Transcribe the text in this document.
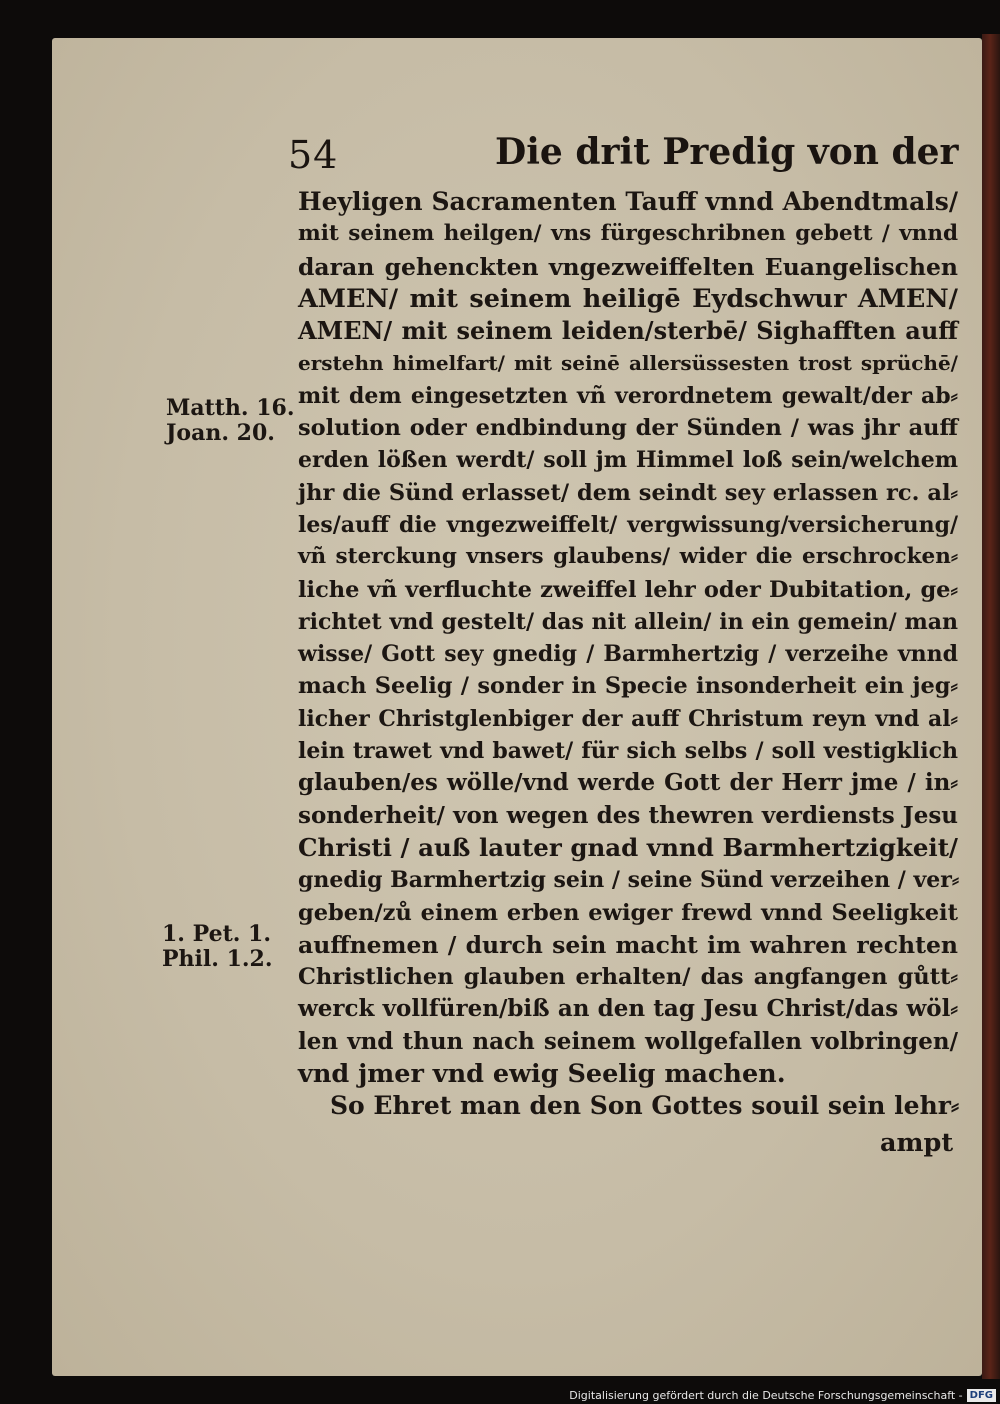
54	Die drit Predig von der
Heyligen Sacramenten Tauff vnnd Abendtmals/
mit seinem heilgen/ vns fürgeschribnen gebett / vnnd
daran gehenckten vngezweiffelten Euangelischen
AMEN/ mit seinem heiligē Eydschwur AMEN/
AMEN/ mit seinem leiden/sterbē/ Sighafften auff
erstehn himelfart/ mit seinē allersüssesten trost sprüchē/
mit dem eingesetzten vñ verordnetem gewalt/der ab⸗
solution oder endbindung der Sünden / was jhr auff
erden lößen werdt/ soll jm Himmel loß sein/welchem
jhr die Sünd erlasset/ dem seindt sey erlassen rc. al⸗
les/auff die vngezweiffelt/ vergwissung/versicherung/
vñ sterckung vnsers glaubens/ wider die erschrocken⸗
liche vñ verfluchte zweiffel lehr oder Dubitation, ge⸗
richtet vnd gestelt/ das nit allein/ in ein gemein/ man
wisse/ Gott sey gnedig / Barmhertzig / verzeihe vnnd
mach Seelig / sonder in Specie insonderheit ein jeg⸗
licher Christglenbiger der auff Christum reyn vnd al⸗
lein trawet vnd bawet/ für sich selbs / soll vestigklich
glauben/es wölle/vnd werde Gott der Herr jme / in⸗
sonderheit/ von wegen des thewren verdiensts Jesu
Christi / auß lauter gnad vnnd Barmhertzigkeit/
gnedig Barmhertzig sein / seine Sünd verzeihen / ver⸗
geben/zů einem erben ewiger frewd vnnd Seeligkeit
auffnemen / durch sein macht im wahren rechten
Christlichen glauben erhalten/ das angfangen gůtt⸗
werck vollfüren/biß an den tag Jesu Christ/das wöl⸗
len vnd thun nach seinem wollgefallen volbringen/
vnd jmer vnd ewig Seelig machen.
So Ehret man den Son Gottes souil sein lehr⸗
ampt
Matth. 16.
Joan. 20.
1. Pet. 1.
Phil. 1.2.
Digitalisierung gefördert durch die Deutsche Forschungsgemeinschaft - DFG
